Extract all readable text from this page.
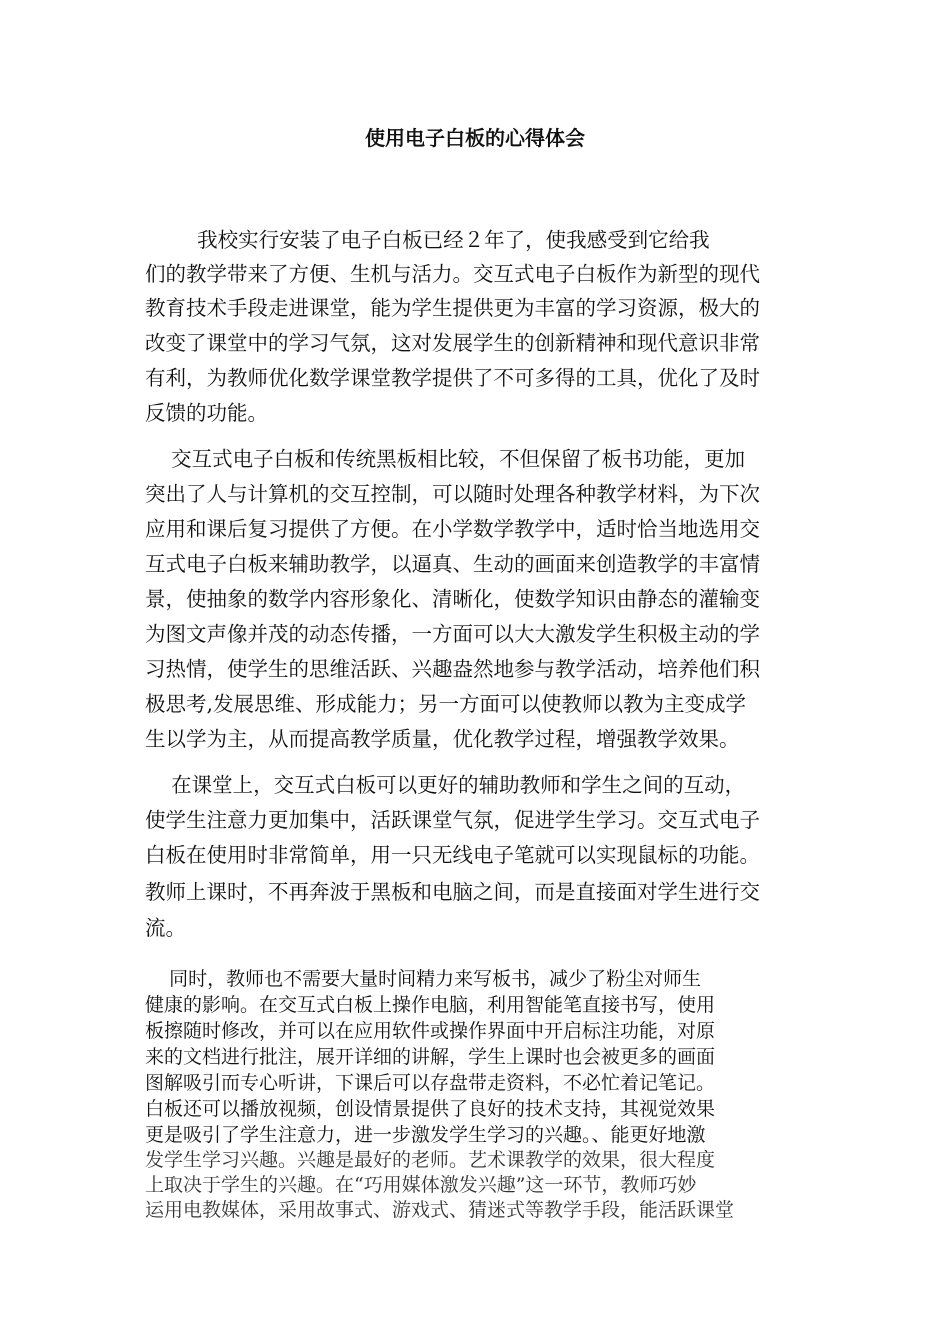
使用电子白板的心得体会
我校实行安装了电子白板已经２年了，使我感受到它给我
们的教学带来了方便、生机与活力。交互式电子白板作为新型的现代
教育技术手段走进课堂，能为学生提供更为丰富的学习资源，极大的
改变了课堂中的学习气氛，这对发展学生的创新精神和现代意识非常
有利，为教师优化数学课堂教学提供了不可多得的工具，优化了及时
反馈的功能。
交互式电子白板和传统黑板相比较，不但保留了板书功能，更加
突出了人与计算机的交互控制，可以随时处理各种教学材料，为下次
应用和课后复习提供了方便。在小学数学教学中，适时恰当地选用交
互式电子白板来辅助教学，以逼真、生动的画面来创造教学的丰富情
景，使抽象的数学内容形象化、清晰化，使数学知识由静态的灌输变
为图文声像并茂的动态传播，一方面可以大大激发学生积极主动的学
习热情，使学生的思维活跃、兴趣盎然地参与教学活动，培养他们积
极思考,发展思维、形成能力；另一方面可以使教师以教为主变成学
生以学为主，从而提高教学质量，优化教学过程，增强教学效果。
在课堂上，交互式白板可以更好的辅助教师和学生之间的互动，
使学生注意力更加集中，活跃课堂气氛，促进学生学习。交互式电子
白板在使用时非常简单，用一只无线电子笔就可以实现鼠标的功能。
教师上课时，不再奔波于黑板和电脑之间，而是直接面对学生进行交
流。
同时，教师也不需要大量时间精力来写板书，减少了粉尘对师生
健康的影响。在交互式白板上操作电脑，利用智能笔直接书写，使用
板擦随时修改，并可以在应用软件或操作界面中开启标注功能，对原
来的文档进行批注，展开详细的讲解，学生上课时也会被更多的画面
图解吸引而专心听讲，下课后可以存盘带走资料，不必忙着记笔记。
白板还可以播放视频，创设情景提供了良好的技术支持，其视觉效果
更是吸引了学生注意力，进一步激发学生学习的兴趣。、能更好地激
发学生学习兴趣。兴趣是最好的老师。艺术课教学的效果，很大程度
上取决于学生的兴趣。在“巧用媒体激发兴趣”这一环节，教师巧妙
运用电教媒体，采用故事式、游戏式、猜迷式等教学手段，能活跃课堂
